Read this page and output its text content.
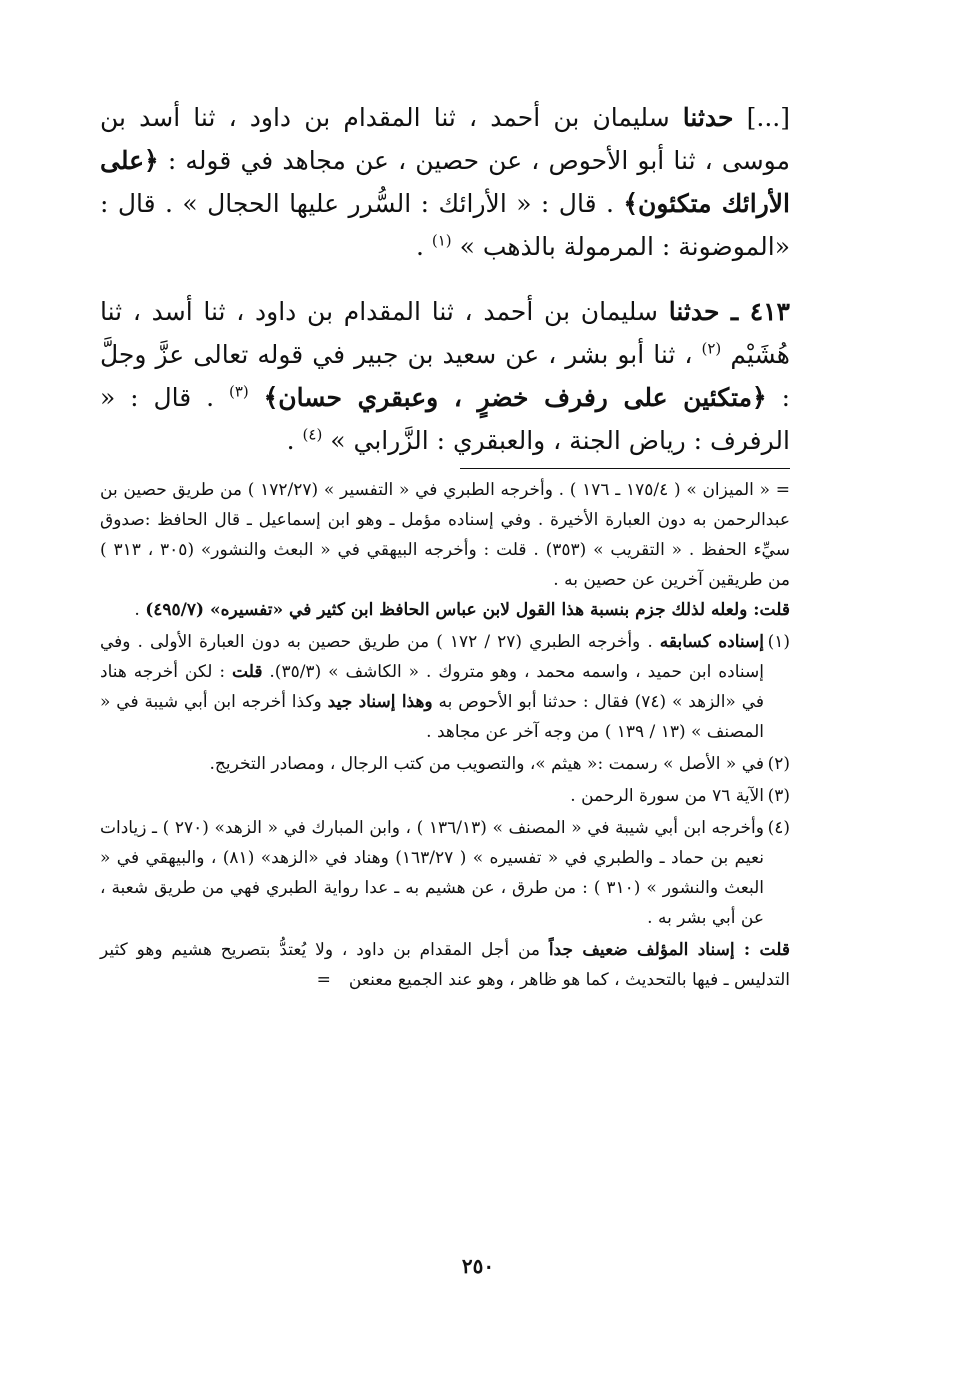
[...] حدثنا سليمان بن أحمد ، ثنا المقدام بن داود ، ثنا أسد بن موسى ، ثنا أبو الأحوص ، عن حصين ، عن مجاهد في قوله : ﴿على الأرائك متكئون﴾ . قال : « الأرائك : السُّرر عليها الحجال » . قال : «الموضونة : المرمولة بالذهب » $^{(١)}$ .

٤١٣ ـ حدثنا سليمان بن أحمد ، ثنا المقدام بن داود ، ثنا أسد ، ثنا هُشَيْم $^{(٢)}$ ، ثنا أبو بشر ، عن سعيد بن جبير في قوله تعالى عزَّ وجلَّ : ﴿متكئين على رفرف خضرٍ ، وعبقري حسان﴾ $^{(٣)}$ . قال : « الرفرف : رياض الجنة ، والعبقري : الزَّرابي » $^{(٤)}$ .

= « الميزان » ( ١٧٥/٤ ـ ١٧٦ ) . وأخرجه الطبري في « التفسير » (١٧٢/٢٧ ) من طريق حصين بن عبدالرحمن به دون العبارة الأخيرة . وفي إسناده مؤمل ـ وهو ابن إسماعيل ـ قال الحافظ :صدوق سيِّء الحفظ . « التقريب » (٣٥٣) . قلت : وأخرجه البيهقي في « البعث والنشور» (٣٠٥ ، ٣١٣ ) من طريقين آخرين عن حصين به .
قلت: ولعله لذلك جزم بنسبة هذا القول لابن عباس الحافظ ابن كثير في «تفسيره» (٤٩٥/٧) .

(١)
إسناده كسابقه . وأخرجه الطبري (٢٧ / ١٧٢ ) من طريق حصين به دون العبارة الأولى . وفي إسناده ابن حميد ، واسمه محمد ، وهو متروك . « الكاشف » (٣٥/٣). قلت : لكن أخرجه هناد في «الزهد » (٧٤) فقال : حدثنا أبو الأحوص به وهذا إسناد جيد وكذا أخرجه ابن أبي شيبة في « المصنف » (١٣ / ١٣٩ ) من وجه آخر عن مجاهد .

(٢)
في « الأصل » رسمت :« هيثم »، والتصويب من كتب الرجال ، ومصادر التخريج.

(٣)
الآية ٧٦ من سورة الرحمن .

(٤)
وأخرجه ابن أبي شيبة في « المصنف » (١٣٦/١٣ ) ، وابن المبارك في « الزهد» (٢٧٠ ) ـ زيادات نعيم بن حماد ـ والطبري في « تفسيره » ( ١٦٣/٢٧) وهناد في «الزهد» (٨١) ، والبيهقي في « البعث والنشور » (٣١٠ ) : من طرق ، عن هشيم به ـ عدا رواية الطبري فهي من طريق شعبة ، عن أبي بشر به .

قلت : إسناد المؤلف ضعيف جداً من أجل المقدام بن داود ، ولا يُعتدُّ بتصريح هشيم وهو كثير التدليس ـ فيها بالتحديث ، كما هو ظاهر ، وهو عند الجميع معنعن=

٢٥٠
